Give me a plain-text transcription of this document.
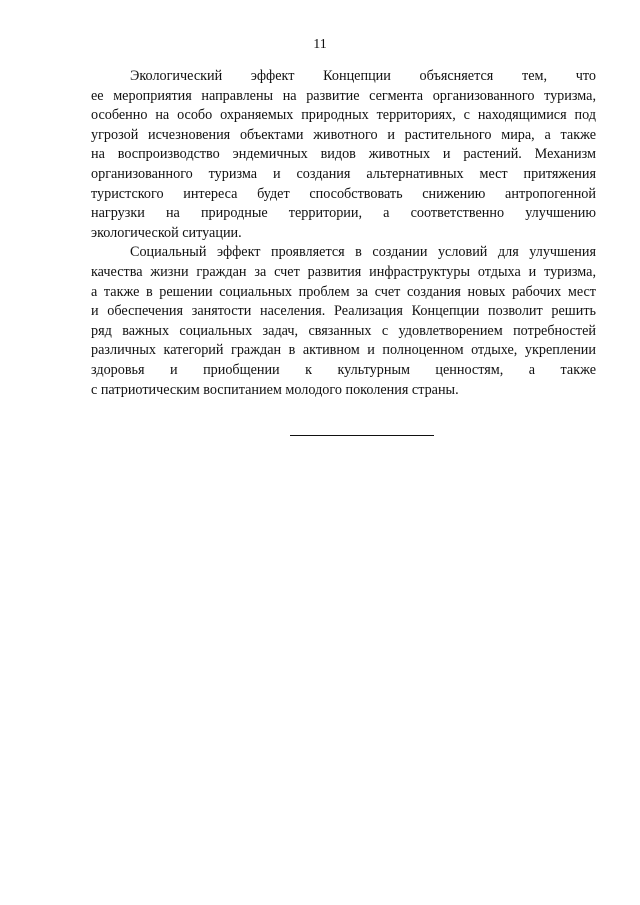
11
Экологический эффект Концепции объясняется тем, что
ее мероприятия направлены на развитие сегмента организованного туризма,
особенно на особо охраняемых природных территориях, с находящимися под
угрозой исчезновения объектами животного и растительного мира, а также
на воспроизводство эндемичных видов животных и растений. Механизм
организованного туризма и создания альтернативных мест притяжения
туристского интереса будет способствовать снижению антропогенной
нагрузки на природные территории, а соответственно улучшению
экологической ситуации.
Социальный эффект проявляется в создании условий для улучшения
качества жизни граждан за счет развития инфраструктуры отдыха и туризма,
а также в решении социальных проблем за счет создания новых рабочих мест
и обеспечения занятости населения. Реализация Концепции позволит решить
ряд важных социальных задач, связанных с удовлетворением потребностей
различных категорий граждан в активном и полноценном отдыхе, укреплении
здоровья и приобщении к культурным ценностям, а также
с патриотическим воспитанием молодого поколения страны.
